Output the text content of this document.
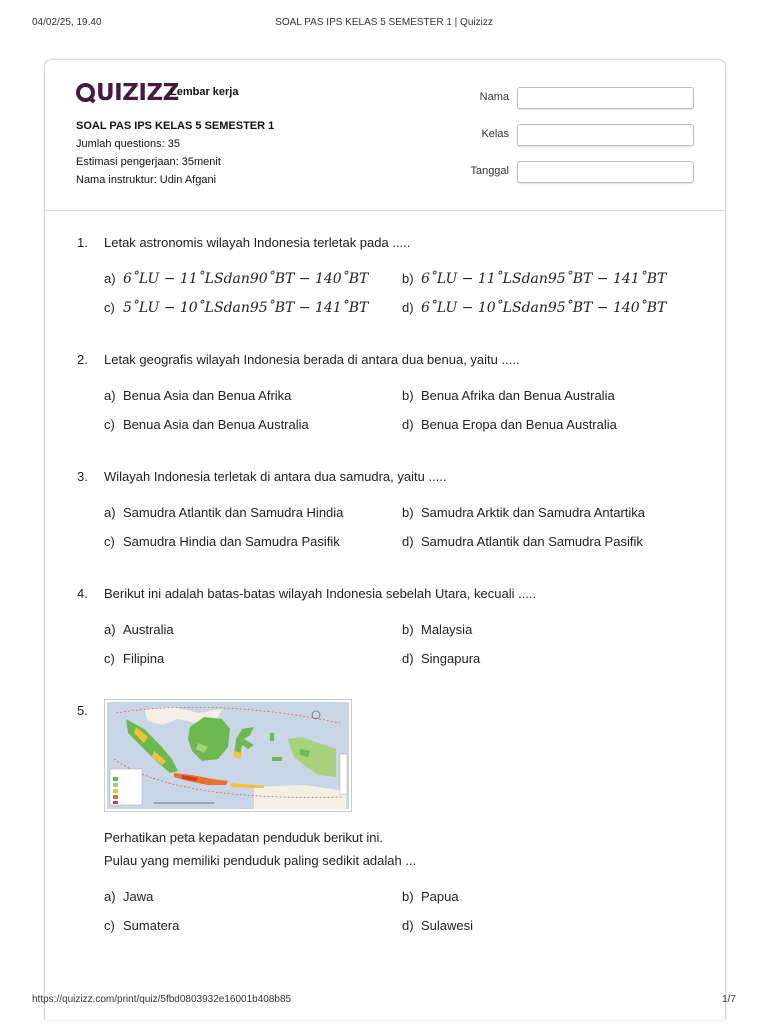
04/02/25, 19.40	SOAL PAS IPS KELAS 5 SEMESTER 1 | Quizizz
UIZIZZ
Lembar kerja
SOAL PAS IPS KELAS 5 SEMESTER 1
Jumlah questions: 35
Estimasi pengerjaan: 35menit
Nama instruktur: Udin Afgani
Nama
Kelas
Tanggal
1. Letak astronomis wilayah Indonesia terletak pada .....
a) 6˚LU − 11˚LSdan90˚BT − 140˚BT	b) 6˚LU − 11˚LSdan95˚BT − 141˚BT
c) 5˚LU − 10˚LSdan95˚BT − 141˚BT	d) 6˚LU − 10˚LSdan95˚BT − 140˚BT
2. Letak geografis wilayah Indonesia berada di antara dua benua, yaitu .....
a) Benua Asia dan Benua Afrika	b) Benua Afrika dan Benua Australia
c) Benua Asia dan Benua Australia	d) Benua Eropa dan Benua Australia
3. Wilayah Indonesia terletak di antara dua samudra, yaitu .....
a) Samudra Atlantik dan Samudra Hindia	b) Samudra Arktik dan Samudra Antartika
c) Samudra Hindia dan Samudra Pasifik	d) Samudra Atlantik dan Samudra Pasifik
4. Berikut ini adalah batas-batas wilayah Indonesia sebelah Utara, kecuali .....
a) Australia	b) Malaysia
c) Filipina	d) Singapura
5.
Perhatikan peta kepadatan penduduk berikut ini.
Pulau yang memiliki penduduk paling sedikit adalah ...
a) Jawa	b) Papua
c) Sumatera	d) Sulawesi
https://quizizz.com/print/quiz/5fbd0803932e16001b408b85	1/7
